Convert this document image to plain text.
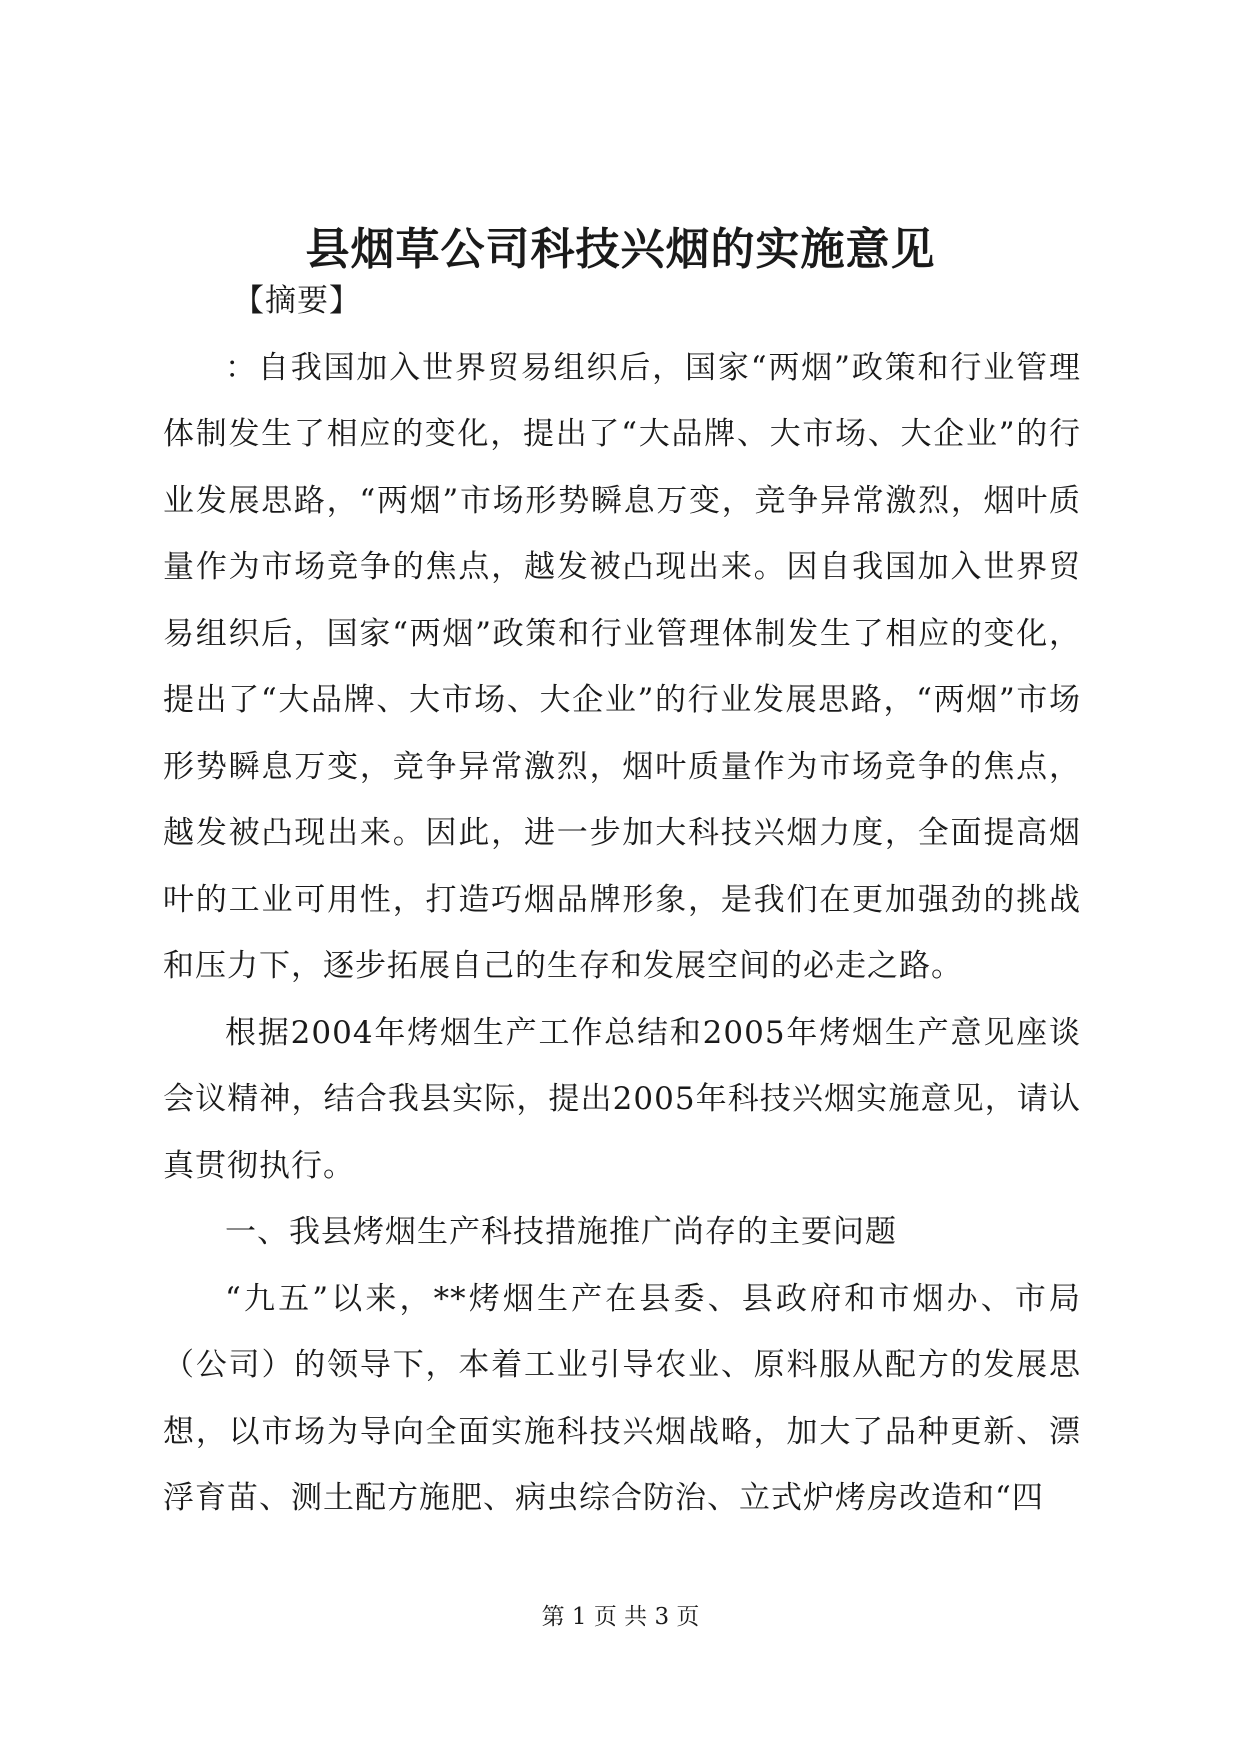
县烟草公司科技兴烟的实施意见

【摘要】

：自我国加入世界贸易组织后，国家“两烟”政策和行业管理体制发生了相应的变化，提出了“大品牌、大市场、大企业”的行业发展思路，“两烟”市场形势瞬息万变，竞争异常激烈，烟叶质量作为市场竞争的焦点，越发被凸现出来。因自我国加入世界贸易组织后，国家“两烟”政策和行业管理体制发生了相应的变化，提出了“大品牌、大市场、大企业”的行业发展思路，“两烟”市场形势瞬息万变，竞争异常激烈，烟叶质量作为市场竞争的焦点，越发被凸现出来。因此，进一步加大科技兴烟力度，全面提高烟叶的工业可用性，打造巧烟品牌形象，是我们在更加强劲的挑战和压力下，逐步拓展自己的生存和发展空间的必走之路。

根据2004年烤烟生产工作总结和2005年烤烟生产意见座谈会议精神，结合我县实际，提出2005年科技兴烟实施意见，请认真贯彻执行。

一、我县烤烟生产科技措施推广尚存的主要问题

“九五”以来，**烤烟生产在县委、县政府和市烟办、市局（公司）的领导下，本着工业引导农业、原料服从配方的发展思想，以市场为导向全面实施科技兴烟战略，加大了品种更新、漂浮育苗、测土配方施肥、病虫综合防治、立式炉烤房改造和“四

第 1 页 共 3 页
